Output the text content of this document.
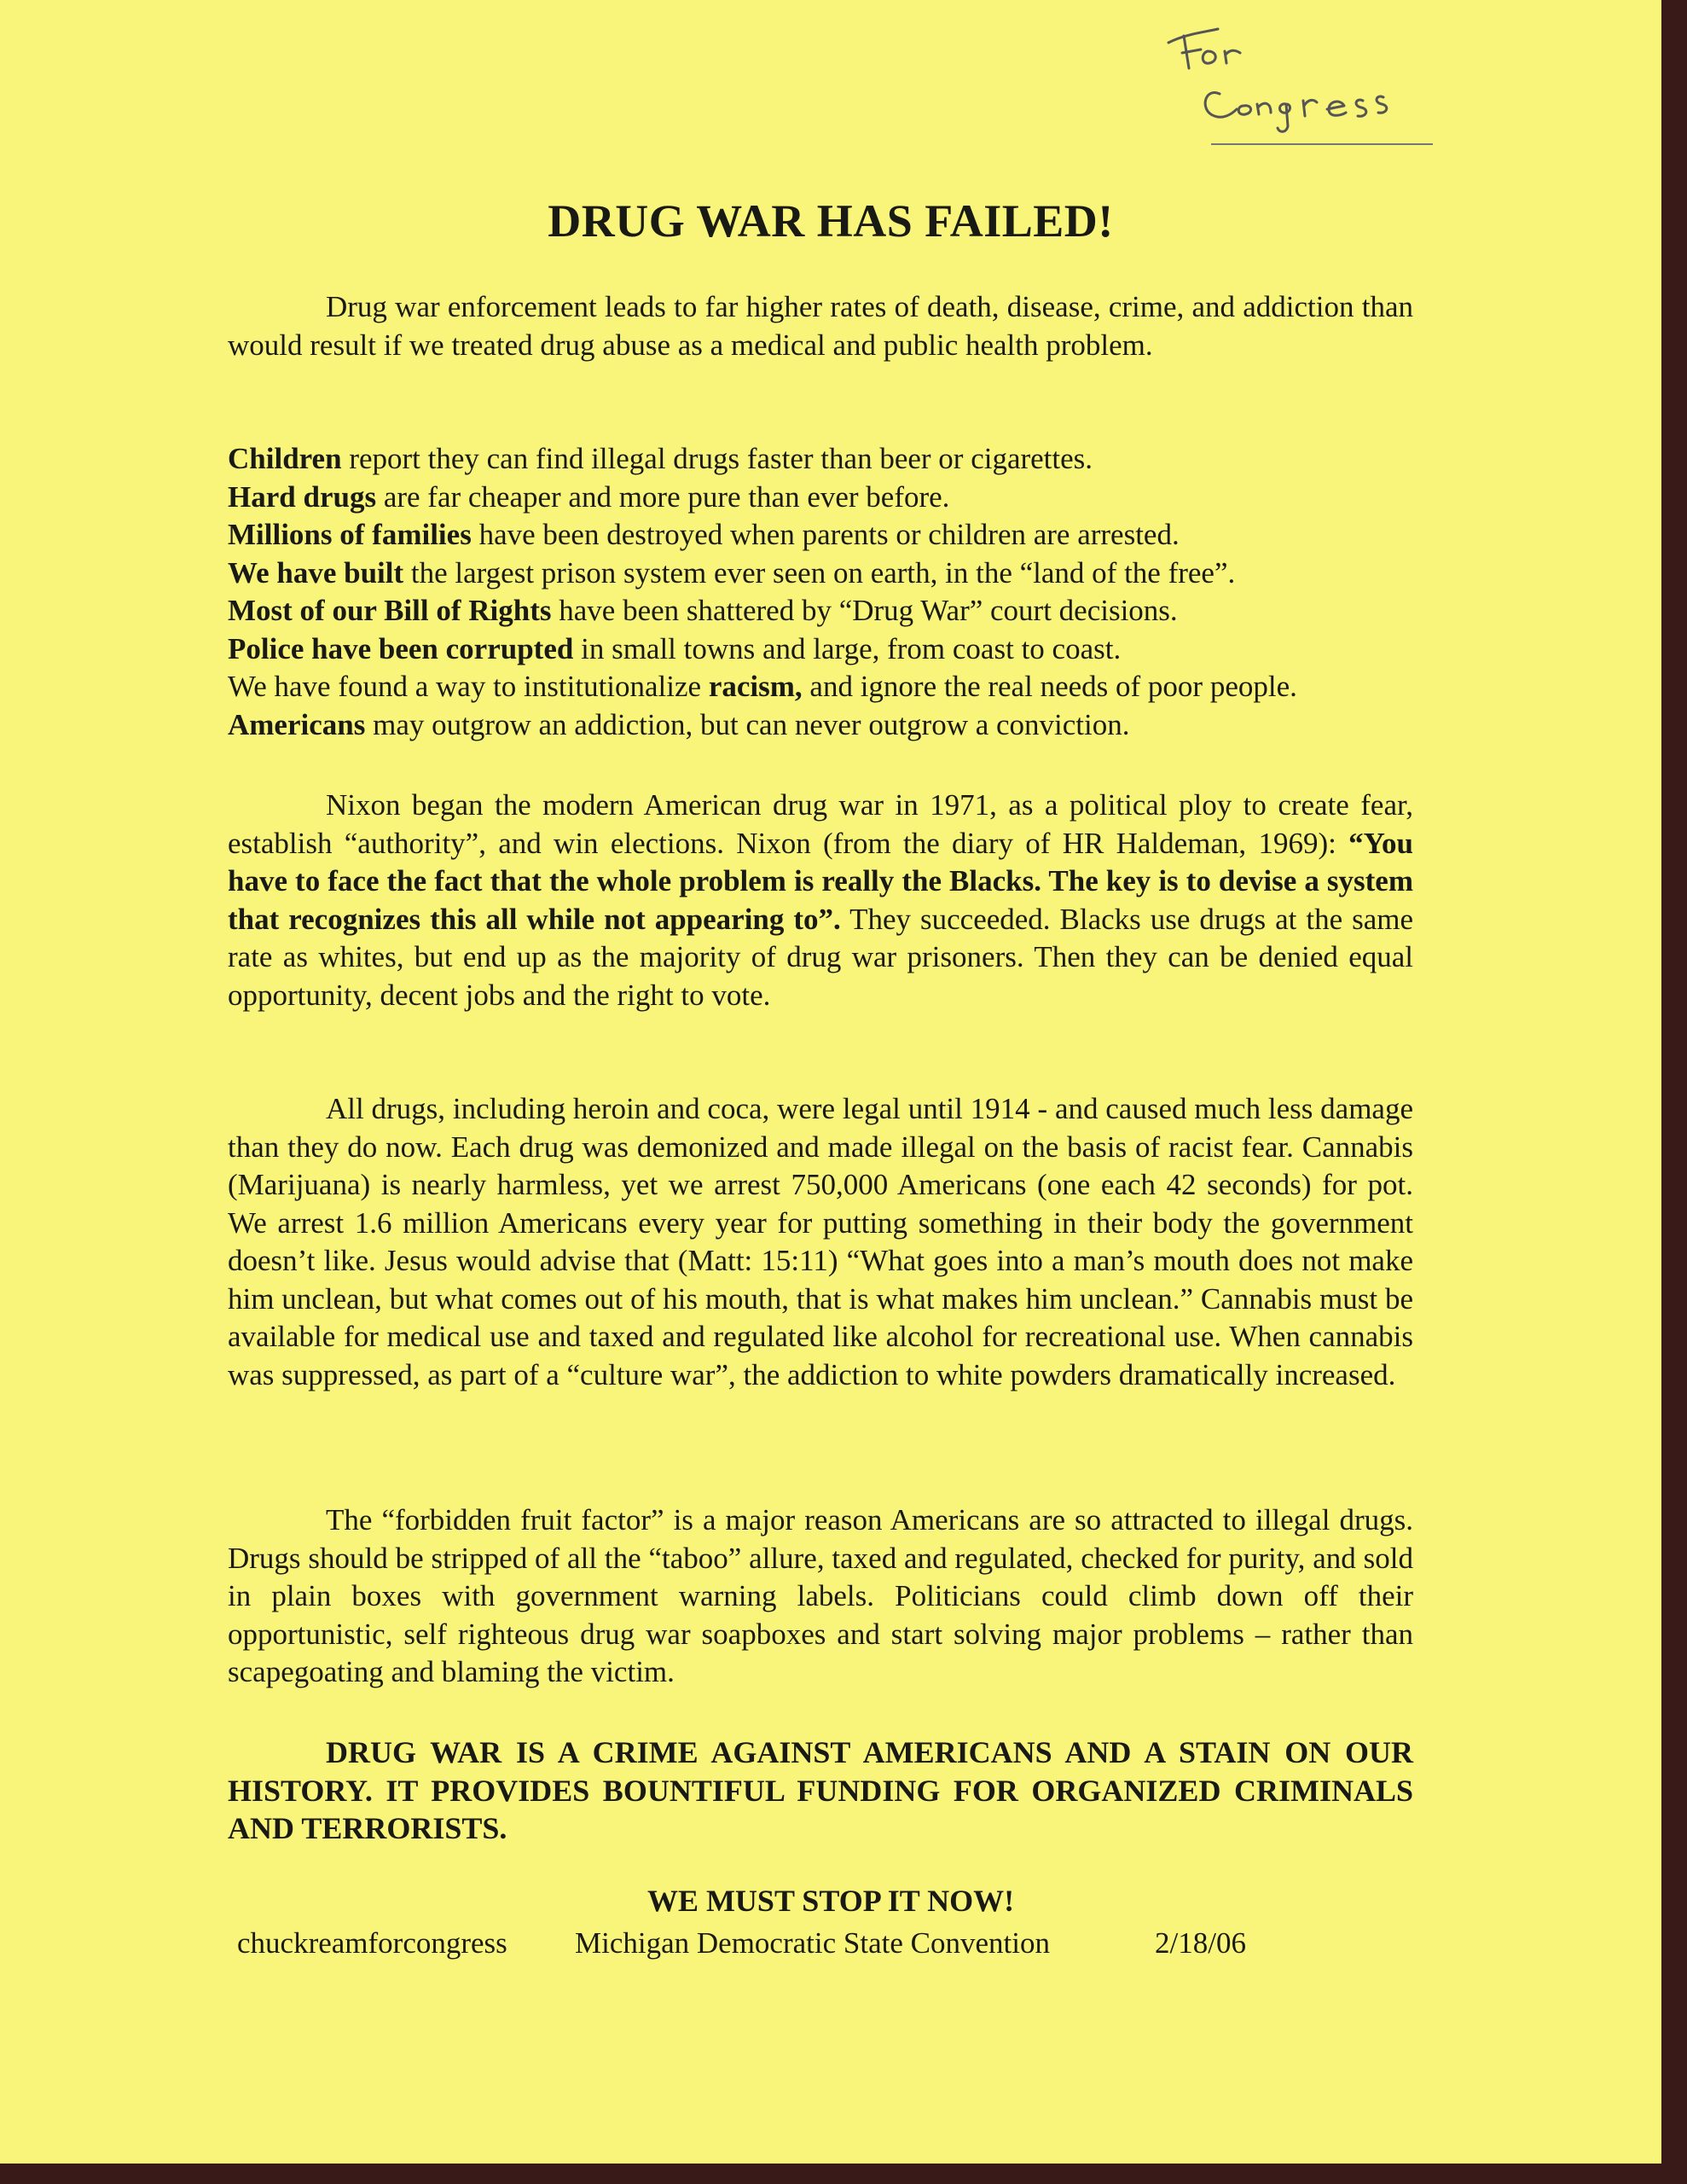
DRUG WAR HAS FAILED!
Drug war enforcement leads to far higher rates of death, disease, crime, and addiction than would result if we treated drug abuse as a medical and public health problem.
Children report they can find illegal drugs faster than beer or cigarettes.
Hard drugs are far cheaper and more pure than ever before.
Millions of families have been destroyed when parents or children are arrested.
We have built the largest prison system ever seen on earth, in the “land of the free”.
Most of our Bill of Rights have been shattered by “Drug War” court decisions.
Police have been corrupted in small towns and large, from coast to coast.
We have found a way to institutionalize racism, and ignore the real needs of poor people.
Americans may outgrow an addiction, but can never outgrow a conviction.
Nixon began the modern American drug war in 1971, as a political ploy to create fear, establish “authority”, and win elections. Nixon (from the diary of HR Haldeman, 1969): “You have to face the fact that the whole problem is really the Blacks. The key is to devise a system that recognizes this all while not appearing to”. They succeeded. Blacks use drugs at the same rate as whites, but end up as the majority of drug war prisoners. Then they can be denied equal opportunity, decent jobs and the right to vote.
All drugs, including heroin and coca, were legal until 1914 - and caused much less damage than they do now. Each drug was demonized and made illegal on the basis of racist fear. Cannabis (Marijuana) is nearly harmless, yet we arrest 750,000 Americans (one each 42 seconds) for pot. We arrest 1.6 million Americans every year for putting something in their body the government doesn’t like. Jesus would advise that (Matt: 15:11) “What goes into a man’s mouth does not make him unclean, but what comes out of his mouth, that is what makes him unclean.” Cannabis must be available for medical use and taxed and regulated like alcohol for recreational use. When cannabis was suppressed, as part of a “culture war”, the addiction to white powders dramatically increased.
The “forbidden fruit factor” is a major reason Americans are so attracted to illegal drugs. Drugs should be stripped of all the “taboo” allure, taxed and regulated, checked for purity, and sold in plain boxes with government warning labels. Politicians could climb down off their opportunistic, self righteous drug war soapboxes and start solving major problems – rather than scapegoating and blaming the victim.
DRUG WAR IS A CRIME AGAINST AMERICANS AND A STAIN ON OUR HISTORY. IT PROVIDES BOUNTIFUL FUNDING FOR ORGANIZED CRIMINALS AND TERRORISTS.
WE MUST STOP IT NOW!
chuckreamforcongress Michigan Democratic State Convention	2/18/06
